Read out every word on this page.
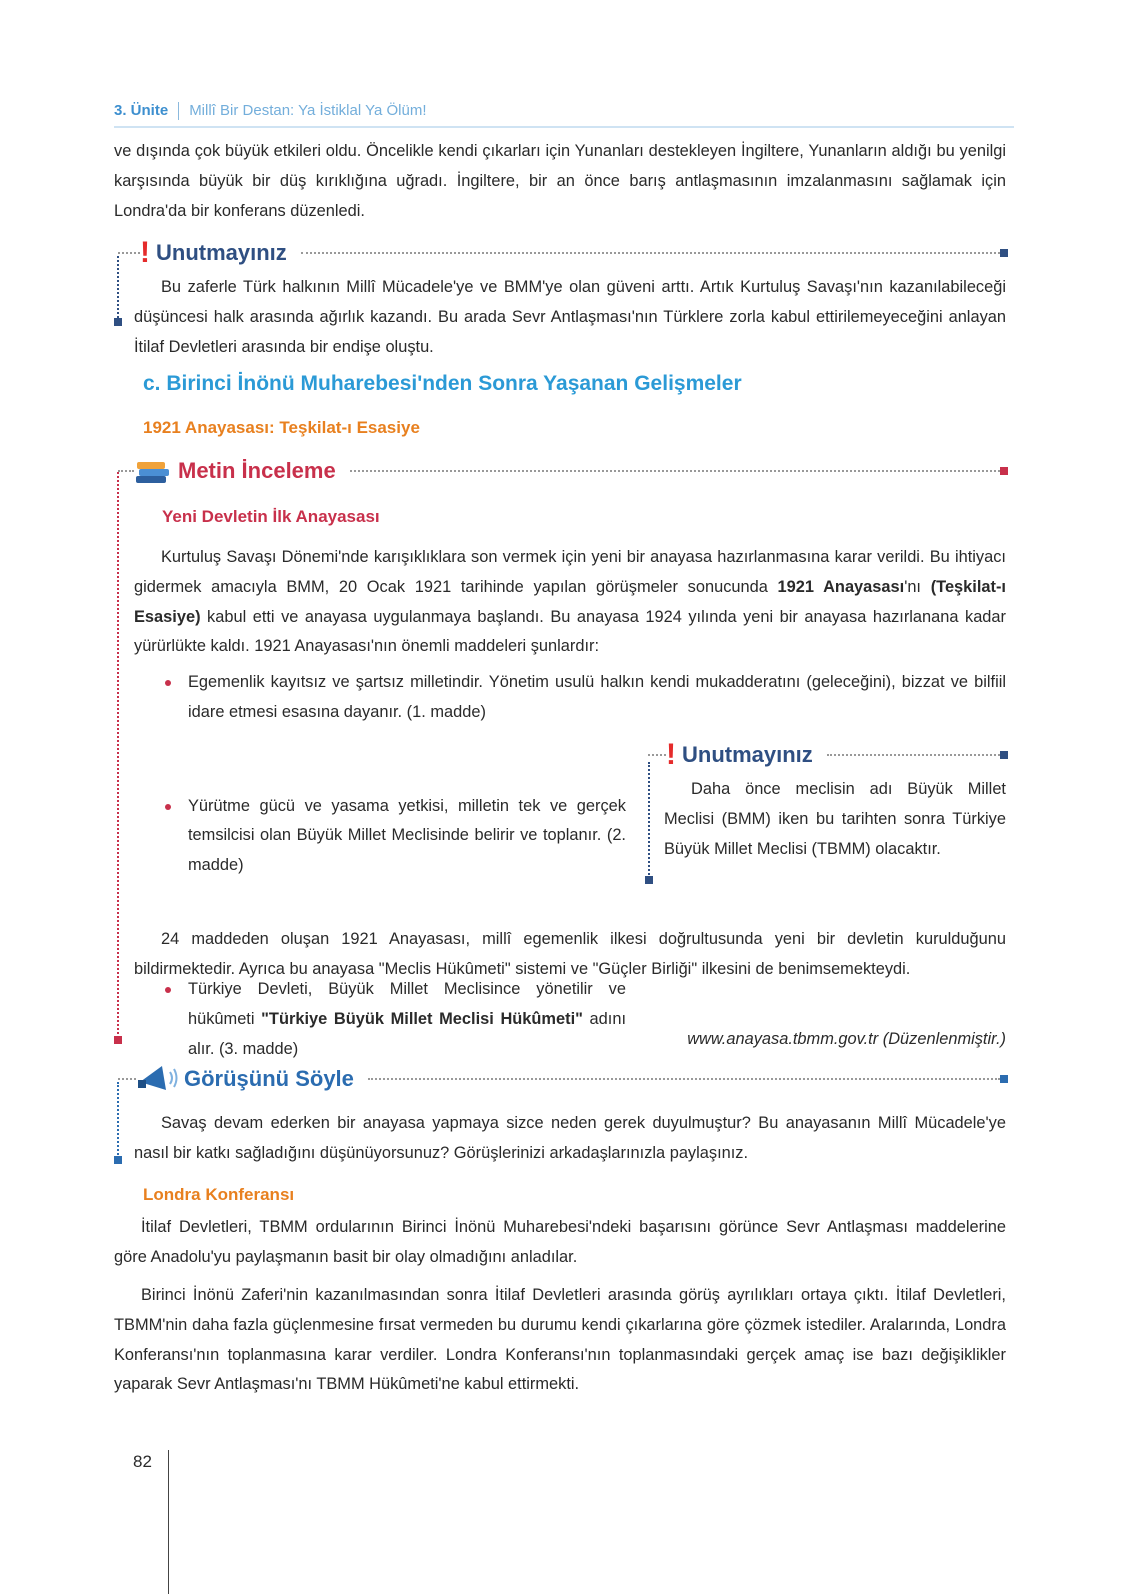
3. Ünite Millî Bir Destan: Ya İstiklal Ya Ölüm!
ve dışında çok büyük etkileri oldu. Öncelikle kendi çıkarları için Yunanları destekleyen İngiltere, Yunanların aldığı bu yenilgi karşısında büyük bir düş kırıklığına uğradı. İngiltere, bir an önce barış antlaşmasının imzalanmasını sağlamak için Londra'da bir konferans düzenledi.
! Unutmayınız
Bu zaferle Türk halkının Millî Mücadele'ye ve BMM'ye olan güveni arttı. Artık Kurtuluş Savaşı'nın kazanılabileceği düşüncesi halk arasında ağırlık kazandı. Bu arada Sevr Antlaşması'nın Türklere zorla kabul ettirilemeyeceğini anlayan İtilaf Devletleri arasında bir endişe oluştu.
c. Birinci İnönü Muharebesi'nden Sonra Yaşanan Gelişmeler
1921 Anayasası: Teşkilat-ı Esasiye
Metin İnceleme
Yeni Devletin İlk Anayasası
Kurtuluş Savaşı Dönemi'nde karışıklıklara son vermek için yeni bir anayasa hazırlanmasına karar verildi. Bu ihtiyacı gidermek amacıyla BMM, 20 Ocak 1921 tarihinde yapılan görüşmeler sonucunda 1921 Anayasası'nı (Teşkilat-ı Esasiye) kabul etti ve anayasa uygulanmaya başlandı. Bu anayasa 1924 yılında yeni bir anayasa hazırlanana kadar yürürlükte kaldı. 1921 Anayasası'nın önemli maddeleri şunlardır:
Egemenlik kayıtsız ve şartsız milletindir. Yönetim usulü halkın kendi mukadderatını (geleceğini), bizzat ve bilfiil idare etmesi esasına dayanır. (1. madde)
Yürütme gücü ve yasama yetkisi, milletin tek ve gerçek temsilcisi olan Büyük Millet Meclisinde belirir ve toplanır. (2. madde)
Türkiye Devleti, Büyük Millet Meclisince yönetilir ve hükûmeti "Türkiye Büyük Millet Meclisi Hükûmeti" adını alır. (3. madde)
! Unutmayınız
Daha önce meclisin adı Büyük Millet Meclisi (BMM) iken bu tarihten sonra Türkiye Büyük Millet Meclisi (TBMM) olacaktır.
24 maddeden oluşan 1921 Anayasası, millî egemenlik ilkesi doğrultusunda yeni bir devletin kurulduğunu bildirmektedir. Ayrıca bu anayasa "Meclis Hükûmeti" sistemi ve "Güçler Birliği" ilkesini de benimsemekteydi.
www.anayasa.tbmm.gov.tr (Düzenlenmiştir.)
Görüşünü Söyle
Savaş devam ederken bir anayasa yapmaya sizce neden gerek duyulmuştur? Bu anayasanın Millî Mücadele'ye nasıl bir katkı sağladığını düşünüyorsunuz? Görüşlerinizi arkadaşlarınızla paylaşınız.
Londra Konferansı
İtilaf Devletleri, TBMM ordularının Birinci İnönü Muharebesi'ndeki başarısını görünce Sevr Antlaşması maddelerine göre Anadolu'yu paylaşmanın basit bir olay olmadığını anladılar.
Birinci İnönü Zaferi'nin kazanılmasından sonra İtilaf Devletleri arasında görüş ayrılıkları ortaya çıktı. İtilaf Devletleri, TBMM'nin daha fazla güçlenmesine fırsat vermeden bu durumu kendi çıkarlarına göre çözmek istediler. Aralarında, Londra Konferansı'nın toplanmasına karar verdiler. Londra Konferansı'nın toplanmasındaki gerçek amaç ise bazı değişiklikler yaparak Sevr Antlaşması'nı TBMM Hükûmeti'ne kabul ettirmekti.
82
